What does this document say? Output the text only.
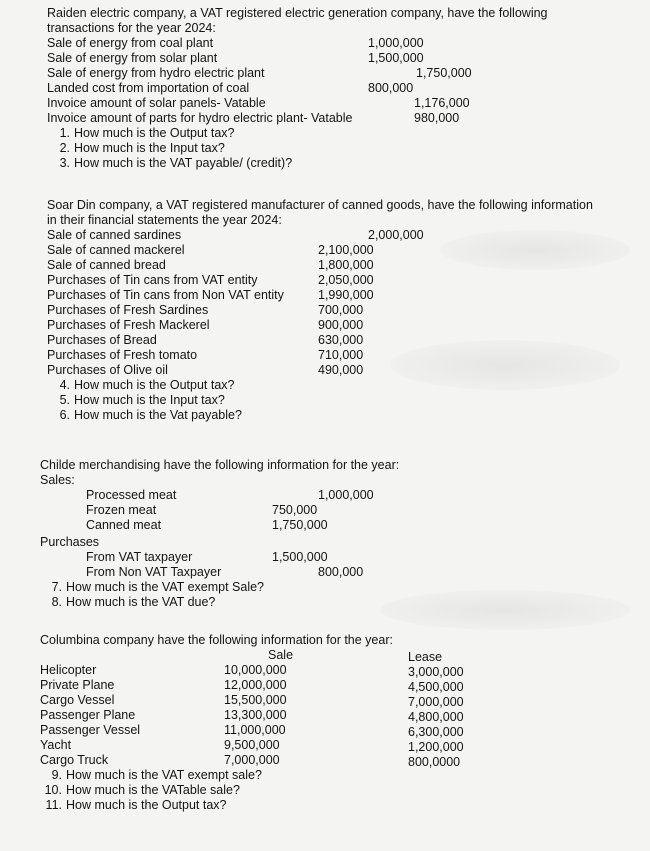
Raiden electric company, a VAT registered electric generation company, have the following
transactions for the year 2024:
Sale of energy from coal plant	1,000,000
Sale of energy from solar plant	1,500,000
Sale of energy from hydro electric plant	1,750,000
Landed cost from importation of coal	800,000
Invoice amount of solar panels- Vatable	1,176,000
Invoice amount of parts for hydro electric plant- Vatable	980,000
1. How much is the Output tax?
2. How much is the Input tax?
3. How much is the VAT payable/ (credit)?
Soar Din company, a VAT registered manufacturer of canned goods, have the following information
in their financial statements the year 2024:
Sale of canned sardines	2,000,000
Sale of canned mackerel	2,100,000
Sale of canned bread	1,800,000
Purchases of Tin cans from VAT entity	2,050,000
Purchases of Tin cans from Non VAT entity	1,990,000
Purchases of Fresh Sardines	700,000
Purchases of Fresh Mackerel	900,000
Purchases of Bread	630,000
Purchases of Fresh tomato	710,000
Purchases of Olive oil	490,000
4. How much is the Output tax?
5. How much is the Input tax?
6. How much is the Vat payable?
Childe merchandising have the following information for the year:
Sales:
Processed meat	1,000,000
Frozen meat	750,000
Canned meat	1,750,000
Purchases
From VAT taxpayer	1,500,000
From Non VAT Taxpayer	800,000
7. How much is the VAT exempt Sale?
8. How much is the VAT due?
Columbina company have the following information for the year:
Sale	Lease
Helicopter	10,000,000	3,000,000
Private Plane	12,000,000	4,500,000
Cargo Vessel	15,500,000	7,000,000
Passenger Plane	13,300,000	4,800,000
Passenger Vessel	11,000,000	6,300,000
Yacht	9,500,000	1,200,000
Cargo Truck	7,000,000	800,0000
9. How much is the VAT exempt sale?
10. How much is the VATable sale?
11. How much is the Output tax?
